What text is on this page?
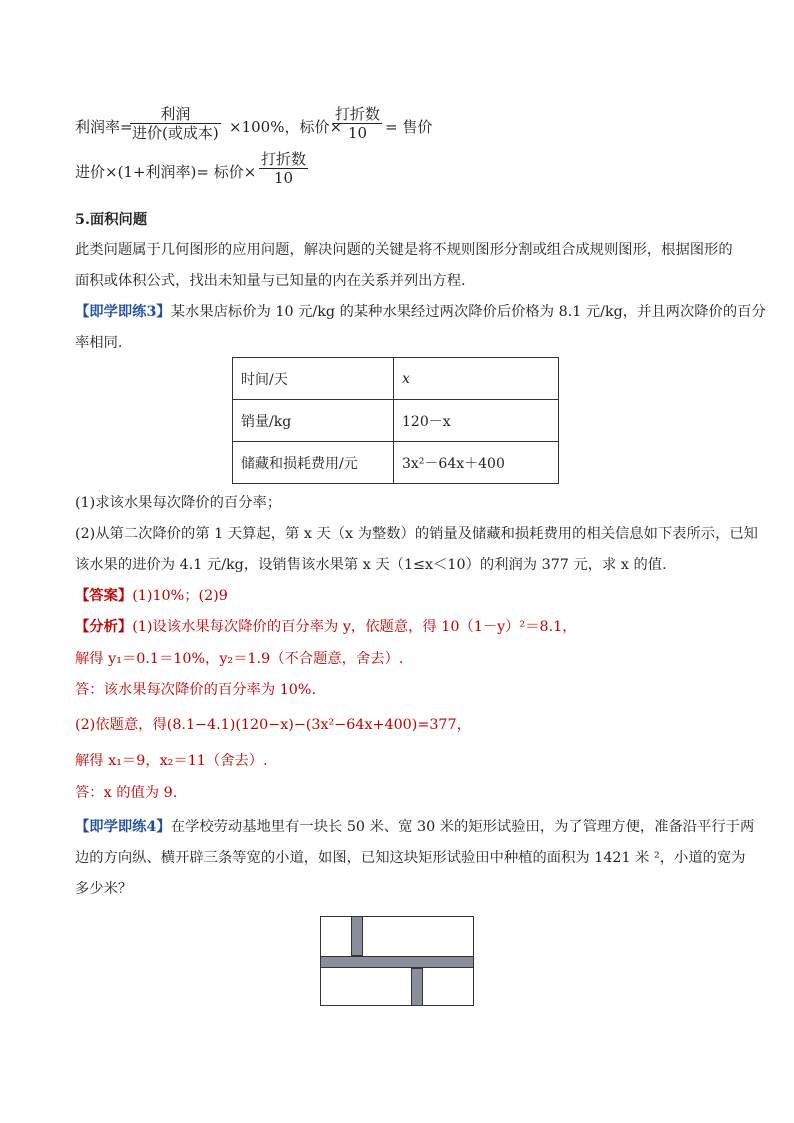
利润率=
利润
进价(或成本) ×100%，标价×
打折数
10	= 售价
进价×(1+利润率)= 标价×
打折数
10
5.面积问题
此类问题属于几何图形的应用问题，解决问题的关键是将不规则图形分割或组合成规则图形，根据图形的
面积或体积公式，找出未知量与已知量的内在关系并列出方程.
【即学即练3】某水果店标价为 10 元/kg 的某种水果经过两次降价后价格为 8.1 元/kg，并且两次降价的百分
率相同.
时间/天	x
销量/kg	120－x
储藏和损耗费用/元	3x²－64x＋400
(1)求该水果每次降价的百分率；
(2)从第二次降价的第 1 天算起，第 x 天（x 为整数）的销量及储藏和损耗费用的相关信息如下表所示，已知
该水果的进价为 4.1 元/kg，设销售该水果第 x 天（1≤x＜10）的利润为 377 元，求 x 的值.
【答案】(1)10%；(2)9
【分析】(1)设该水果每次降价的百分率为 y，依题意，得 10（1－y）²＝8.1，
解得 y₁＝0.1＝10%，y₂＝1.9（不合题意，舍去）.
答：该水果每次降价的百分率为 10%.
(2)依题意，得(8.1−4.1)(120−x)−(3x²−64x+400)=377，
解得 x₁＝9，x₂＝11（舍去）.
答：x 的值为 9.
【即学即练4】在学校劳动基地里有一块长 50 米、宽 30 米的矩形试验田，为了管理方便，准备沿平行于两
边的方向纵、横开辟三条等宽的小道，如图，已知这块矩形试验田中种植的面积为 1421 米 ²，小道的宽为
多少米？
